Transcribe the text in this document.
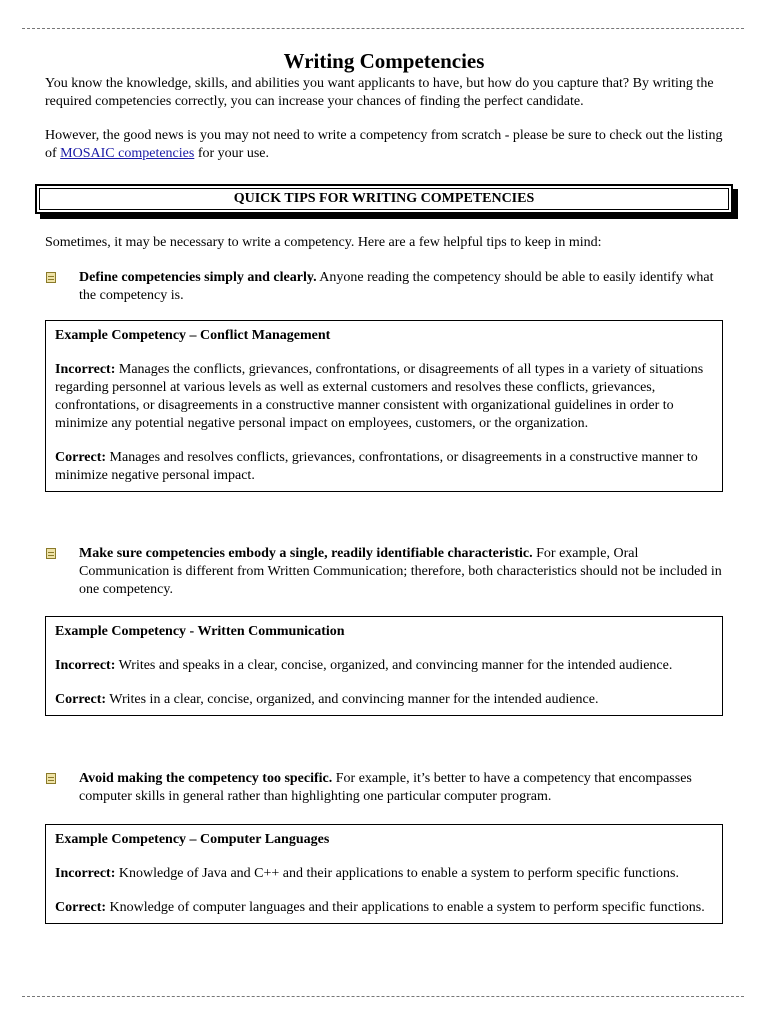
Writing Competencies
You know the knowledge, skills, and abilities you want applicants to have, but how do you capture that? By writing the required competencies correctly, you can increase your chances of finding the perfect candidate.
However, the good news is you may not need to write a competency from scratch - please be sure to check out the listing of MOSAIC competencies for your use.
QUICK TIPS FOR WRITING COMPETENCIES
Sometimes, it may be necessary to write a competency. Here are a few helpful tips to keep in mind:
Define competencies simply and clearly. Anyone reading the competency should be able to easily identify what the competency is.
Example Competency – Conflict Management
Incorrect: Manages the conflicts, grievances, confrontations, or disagreements of all types in a variety of situations regarding personnel at various levels as well as external customers and resolves these conflicts, grievances, confrontations, or disagreements in a constructive manner consistent with organizational guidelines in order to minimize any potential negative personal impact on employees, customers, or the organization.
Correct: Manages and resolves conflicts, grievances, confrontations, or disagreements in a constructive manner to minimize negative personal impact.
Make sure competencies embody a single, readily identifiable characteristic. For example, Oral Communication is different from Written Communication; therefore, both characteristics should not be included in one competency.
Example Competency - Written Communication
Incorrect: Writes and speaks in a clear, concise, organized, and convincing manner for the intended audience.
Correct: Writes in a clear, concise, organized, and convincing manner for the intended audience.
Avoid making the competency too specific. For example, it’s better to have a competency that encompasses computer skills in general rather than highlighting one particular computer program.
Example Competency – Computer Languages
Incorrect: Knowledge of Java and C++ and their applications to enable a system to perform specific functions.
Correct: Knowledge of computer languages and their applications to enable a system to perform specific functions.
